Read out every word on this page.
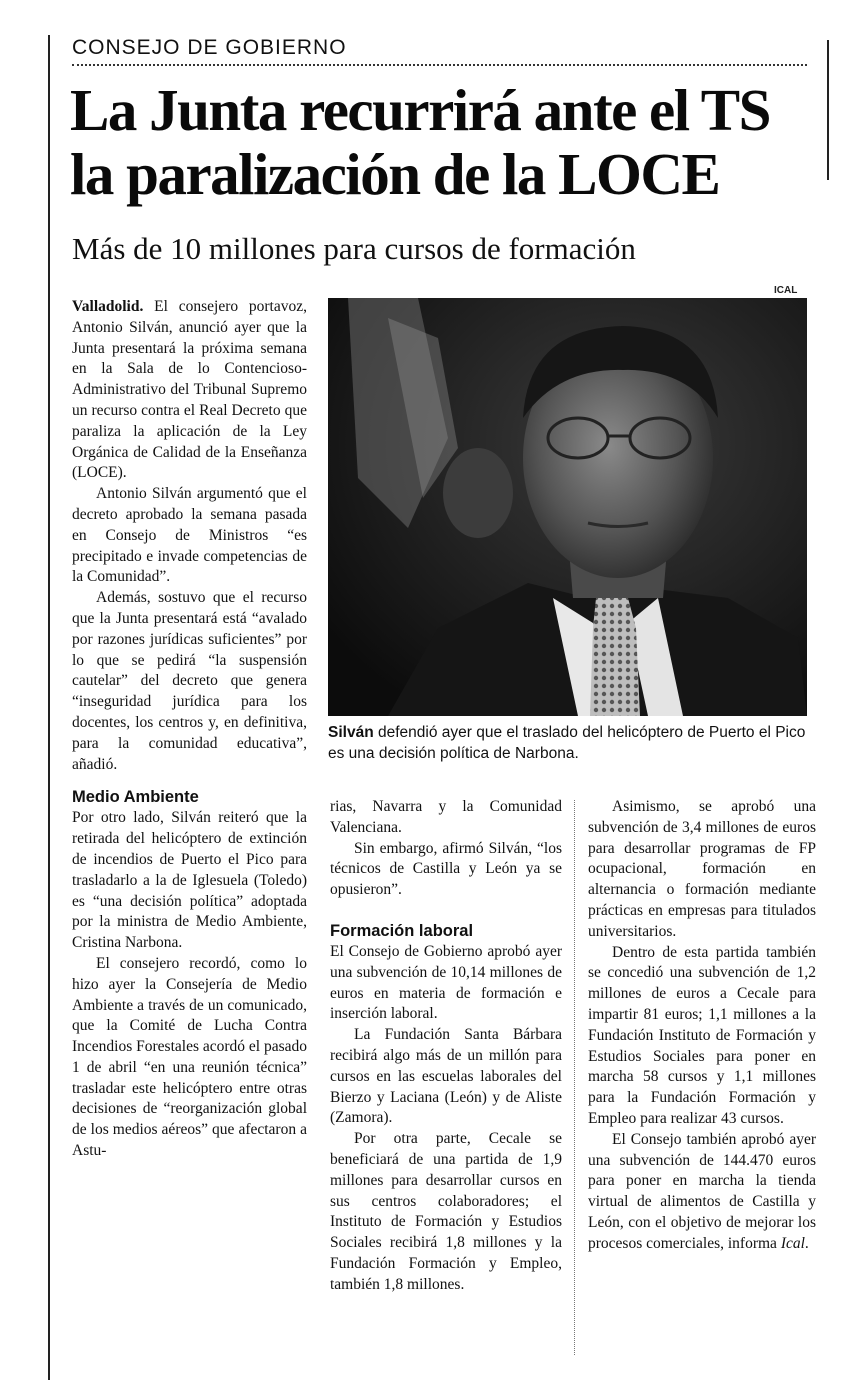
CONSEJO DE GOBIERNO
La Junta recurrirá ante el TS
la paralización de la LOCE
Más de 10 millones para cursos de formación
ICAL
Silván defendió ayer que el traslado del helicóptero de Puerto el Pico es una decisión política de Narbona.

Valladolid. El consejero portavoz, Antonio Silván, anunció ayer que la Junta presentará la próxima semana en la Sala de lo Contencioso-Administrativo del Tribunal Supremo un recurso contra el Real Decreto que paraliza la aplicación de la Ley Orgánica de Calidad de la Enseñanza (LOCE).

Antonio Silván argumentó que el decreto aprobado la semana pasada en Consejo de Ministros “es precipitado e invade competencias de la Comunidad”.

Además, sostuvo que el recurso que la Junta presentará está “avalado por razones jurídicas suficientes” por lo que se pedirá “la suspensión cautelar” del decreto que genera “inseguridad jurídica para los docentes, los centros y, en definitiva, para la comunidad educativa”, añadió.

Medio Ambiente

Por otro lado, Silván reiteró que la retirada del helicóptero de extinción de incendios de Puerto el Pico para trasladarlo a la de Iglesuela (Toledo) es “una decisión política” adoptada por la ministra de Medio Ambiente, Cristina Narbona.

El consejero recordó, como lo hizo ayer la Consejería de Medio Ambiente a través de un comunicado, que la Comité de Lucha Contra Incendios Forestales acordó el pasado 1 de abril “en una reunión técnica” trasladar este helicóptero entre otras decisiones de “reorganización global de los medios aéreos” que afectaron a Astu-

rias, Navarra y la Comunidad Valenciana.

Sin embargo, afirmó Silván, “los técnicos de Castilla y León ya se opusieron”.

Formación laboral

El Consejo de Gobierno aprobó ayer una subvención de 10,14 millones de euros en materia de formación e inserción laboral.

La Fundación Santa Bárbara recibirá algo más de un millón para cursos en las escuelas laborales del Bierzo y Laciana (León) y de Aliste (Zamora).

Por otra parte, Cecale se beneficiará de una partida de 1,9 millones para desarrollar cursos en sus centros colaboradores; el Instituto de Formación y Estudios Sociales recibirá 1,8 millones y la Fundación Formación y Empleo, también 1,8 millones.

Asimismo, se aprobó una subvención de 3,4 millones de euros para desarrollar programas de FP ocupacional, formación en alternancia o formación mediante prácticas en empresas para titulados universitarios.

Dentro de esta partida también se concedió una subvención de 1,2 millones de euros a Cecale para impartir 81 euros; 1,1 millones a la Fundación Instituto de Formación y Estudios Sociales para poner en marcha 58 cursos y 1,1 millones para la Fundación Formación y Empleo para realizar 43 cursos.

El Consejo también aprobó ayer una subvención de 144.470 euros para poner en marcha la tienda virtual de alimentos de Castilla y León, con el objetivo de mejorar los procesos comerciales, informa Ical.
